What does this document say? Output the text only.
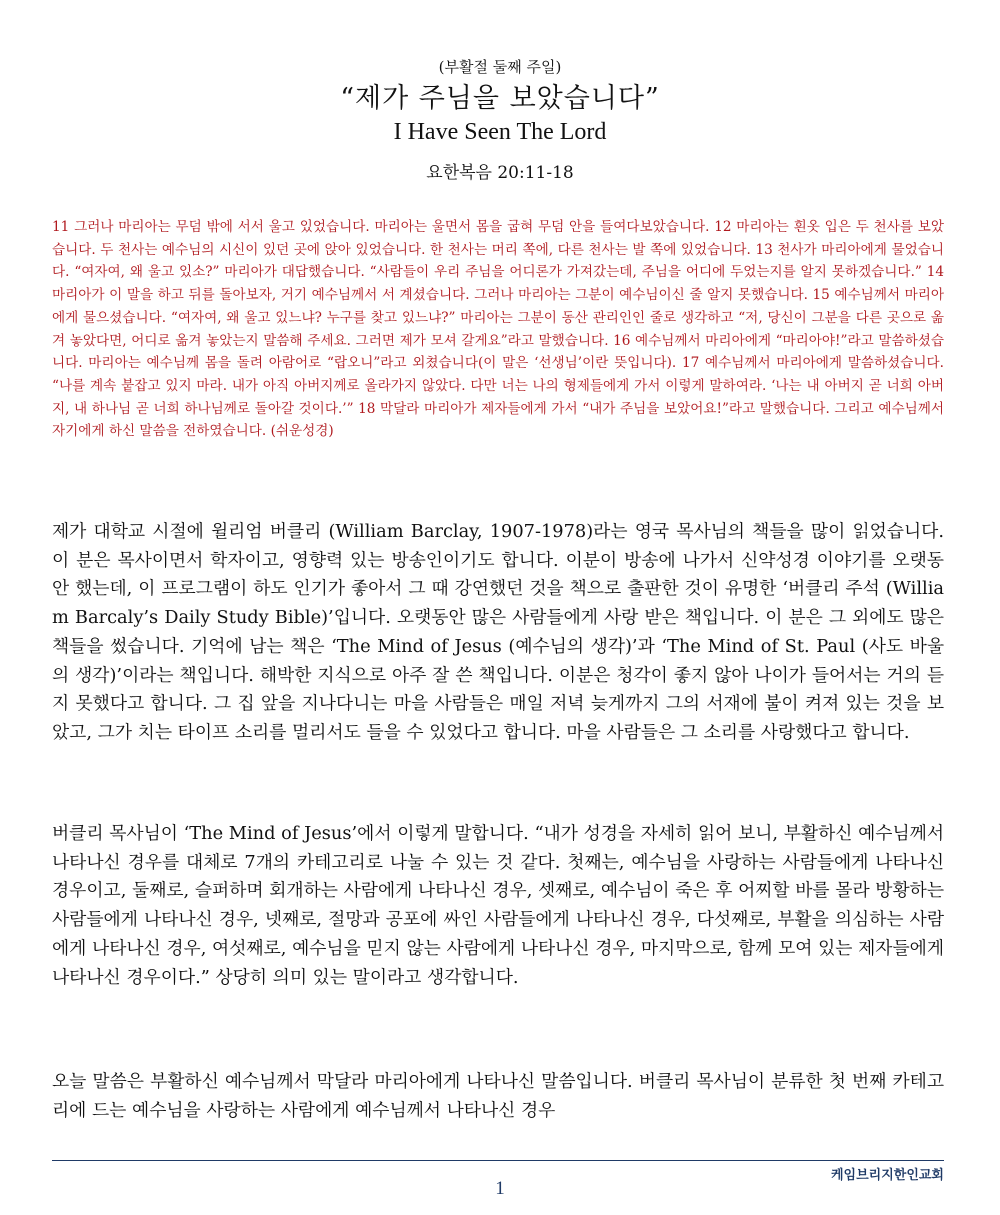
(부활절 둘째 주일)

“제가 주님을 보았습니다”

I Have Seen The Lord

요한복음 20:11-18

11 그러나 마리아는 무덤 밖에 서서 울고 있었습니다. 마리아는 울면서 몸을 굽혀 무덤 안을 들여다보았습니다. 12 마리아는 흰옷 입은 두 천사를 보았습니다. 두 천사는 예수님의 시신이 있던 곳에 앉아 있었습니다. 한 천사는 머리 쪽에, 다른 천사는 발 쪽에 있었습니다. 13 천사가 마리아에게 물었습니다. “여자여, 왜 울고 있소?” 마리아가 대답했습니다. “사람들이 우리 주님을 어디론가 가져갔는데, 주님을 어디에 두었는지를 알지 못하겠습니다.” 14 마리아가 이 말을 하고 뒤를 돌아보자, 거기 예수님께서 서 계셨습니다. 그러나 마리아는 그분이 예수님이신 줄 알지 못했습니다. 15 예수님께서 마리아에게 물으셨습니다. “여자여, 왜 울고 있느냐? 누구를 찾고 있느냐?” 마리아는 그분이 동산 관리인인 줄로 생각하고 “저, 당신이 그분을 다른 곳으로 옮겨 놓았다면, 어디로 옮겨 놓았는지 말씀해 주세요. 그러면 제가 모셔 갈게요”라고 말했습니다. 16 예수님께서 마리아에게 “마리아야!”라고 말씀하셨습니다. 마리아는 예수님께 몸을 돌려 아람어로 “랍오니”라고 외쳤습니다(이 말은 ‘선생님’이란 뜻입니다). 17 예수님께서 마리아에게 말씀하셨습니다. “나를 계속 붙잡고 있지 마라. 내가 아직 아버지께로 올라가지 않았다. 다만 너는 나의 형제들에게 가서 이렇게 말하여라. ‘나는 내 아버지 곧 너희 아버지, 내 하나님 곧 너희 하나님께로 돌아갈 것이다.’” 18 막달라 마리아가 제자들에게 가서 “내가 주님을 보았어요!”라고 말했습니다. 그리고 예수님께서 자기에게 하신 말씀을 전하였습니다. (쉬운성경)

제가 대학교 시절에 윌리엄 버클리 (William Barclay, 1907-1978)라는 영국 목사님의 책들을 많이 읽었습니다. 이 분은 목사이면서 학자이고, 영향력 있는 방송인이기도 합니다. 이분이 방송에 나가서 신약성경 이야기를 오랫동안 했는데, 이 프로그램이 하도 인기가 좋아서 그 때 강연했던 것을 책으로 출판한 것이 유명한 ‘버클리 주석 (William Barcaly’s Daily Study Bible)’입니다. 오랫동안 많은 사람들에게 사랑 받은 책입니다. 이 분은 그 외에도 많은 책들을 썼습니다. 기억에 남는 책은 ‘The Mind of Jesus (예수님의 생각)’과 ‘The Mind of St. Paul (사도 바울의 생각)’이라는 책입니다. 해박한 지식으로 아주 잘 쓴 책입니다. 이분은 청각이 좋지 않아 나이가 들어서는 거의 듣지 못했다고 합니다. 그 집 앞을 지나다니는 마을 사람들은 매일 저녁 늦게까지 그의 서재에 불이 켜져 있는 것을 보았고, 그가 치는 타이프 소리를 멀리서도 들을 수 있었다고 합니다. 마을 사람들은 그 소리를 사랑했다고 합니다.

버클리 목사님이 ‘The Mind of Jesus’에서 이렇게 말합니다. “내가 성경을 자세히 읽어 보니, 부활하신 예수님께서 나타나신 경우를 대체로 7개의 카테고리로 나눌 수 있는 것 같다. 첫째는, 예수님을 사랑하는 사람들에게 나타나신 경우이고, 둘째로, 슬퍼하며 회개하는 사람에게 나타나신 경우, 셋째로, 예수님이 죽은 후 어찌할 바를 몰라 방황하는 사람들에게 나타나신 경우, 넷째로, 절망과 공포에 싸인 사람들에게 나타나신 경우, 다섯째로, 부활을 의심하는 사람에게 나타나신 경우, 여섯째로, 예수님을 믿지 않는 사람에게 나타나신 경우, 마지막으로, 함께 모여 있는 제자들에게 나타나신 경우이다.” 상당히 의미 있는 말이라고 생각합니다.

오늘 말씀은 부활하신 예수님께서 막달라 마리아에게 나타나신 말씀입니다. 버클리 목사님이 분류한 첫 번째 카테고리에 드는 예수님을 사랑하는 사람에게 예수님께서 나타나신 경우

케임브리지한인교회
1
